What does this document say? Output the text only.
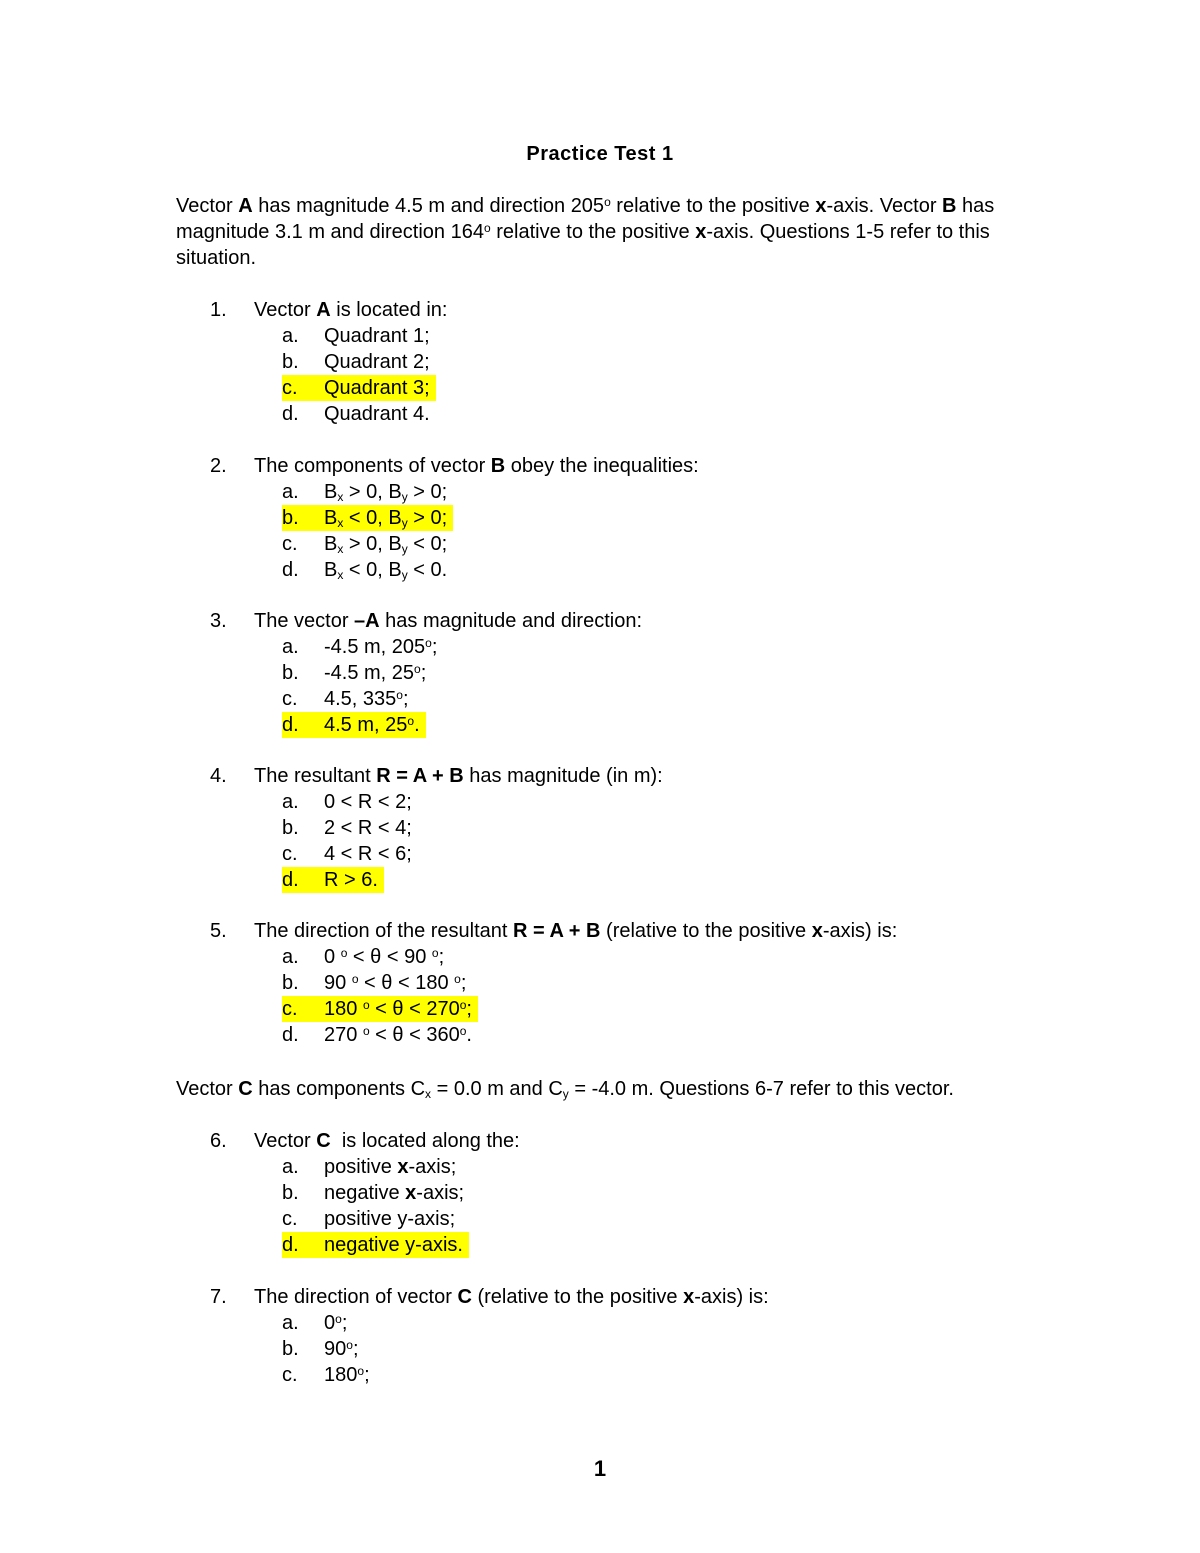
Practice Test 1
Vector A has magnitude 4.5 m and direction 205$^o$ relative to the positive x-axis. Vector B has magnitude 3.1 m and direction 164$^o$ relative to the positive x-axis. Questions 1-5 refer to this situation.
1.	Vector A is located in:
a.	Quadrant 1;
b.	Quadrant 2;
c.	Quadrant 3;
d.	Quadrant 4.
2.	The components of vector B obey the inequalities:
a.	$B_x > 0$, $B_y > 0$;
b.	$B_x < 0$, $B_y > 0$;
c.	$B_x > 0$, $B_y < 0$;
d.	$B_x < 0$, $B_y < 0$.
3.	The vector –A has magnitude and direction:
a.	-4.5 m, 205$^o$;
b.	-4.5 m, 25$^o$;
c.	4.5, 335$^o$;
d.	4.5 m, 25$^o$.
4.	The resultant R = A + B has magnitude (in m):
a.	0 < R < 2;
b.	2 < R < 4;
c.	4 < R < 6;
d.	R > 6.
5.	The direction of the resultant R = A + B (relative to the positive x-axis) is:
a.	0 $^o$ < θ < 90 $^o$;
b.	90 $^o$ < θ < 180 $^o$;
c.	180 $^o < \theta < 270^o$;
d.	270 $^o < \theta < 360^o$.
Vector C has components $C_x = 0.0$ m and $C_y = -4.0$ m. Questions 6-7 refer to this vector.
6.	Vector C  is located along the:
a.	positive x-axis;
b.	negative x-axis;
c.	positive y-axis;
d.	negative y-axis.
7.	The direction of vector C (relative to the positive x-axis) is:
a.	0$^o$;
b.	90$^o$;
c.	180$^o$;
1
